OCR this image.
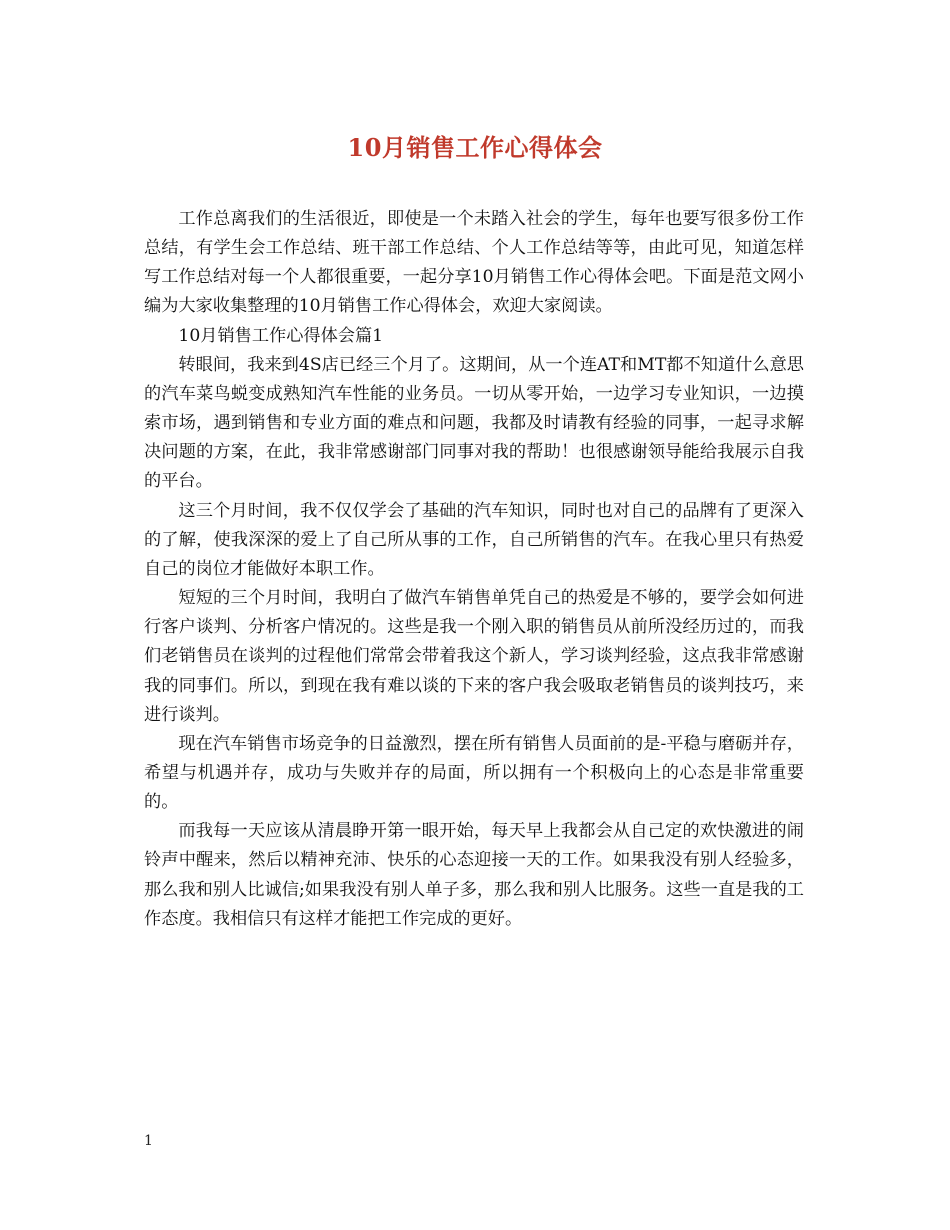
10月销售工作心得体会

工作总离我们的生活很近，即使是一个未踏入社会的学生，每年也要写很多份工作总结，有学生会工作总结、班干部工作总结、个人工作总结等等，由此可见，知道怎样写工作总结对每一个人都很重要，一起分享10月销售工作心得体会吧。下面是范文网小编为大家收集整理的10月销售工作心得体会，欢迎大家阅读。

10月销售工作心得体会篇1

转眼间，我来到4S店已经三个月了。这期间，从一个连AT和MT都不知道什么意思的汽车菜鸟蜕变成熟知汽车性能的业务员。一切从零开始，一边学习专业知识，一边摸索市场，遇到销售和专业方面的难点和问题，我都及时请教有经验的同事，一起寻求解决问题的方案，在此，我非常感谢部门同事对我的帮助！也很感谢领导能给我展示自我的平台。

这三个月时间，我不仅仅学会了基础的汽车知识，同时也对自己的品牌有了更深入的了解，使我深深的爱上了自己所从事的工作，自己所销售的汽车。在我心里只有热爱自己的岗位才能做好本职工作。

短短的三个月时间，我明白了做汽车销售单凭自己的热爱是不够的，要学会如何进行客户谈判、分析客户情况的。这些是我一个刚入职的销售员从前所没经历过的，而我们老销售员在谈判的过程他们常常会带着我这个新人，学习谈判经验，这点我非常感谢我的同事们。所以，到现在我有难以谈的下来的客户我会吸取老销售员的谈判技巧，来进行谈判。

现在汽车销售市场竞争的日益激烈，摆在所有销售人员面前的是-平稳与磨砺并存，希望与机遇并存，成功与失败并存的局面，所以拥有一个积极向上的心态是非常重要的。

而我每一天应该从清晨睁开第一眼开始，每天早上我都会从自己定的欢快激进的闹铃声中醒来，然后以精神充沛、快乐的心态迎接一天的工作。如果我没有别人经验多，那么我和别人比诚信;如果我没有别人单子多，那么我和别人比服务。这些一直是我的工作态度。我相信只有这样才能把工作完成的更好。

1
